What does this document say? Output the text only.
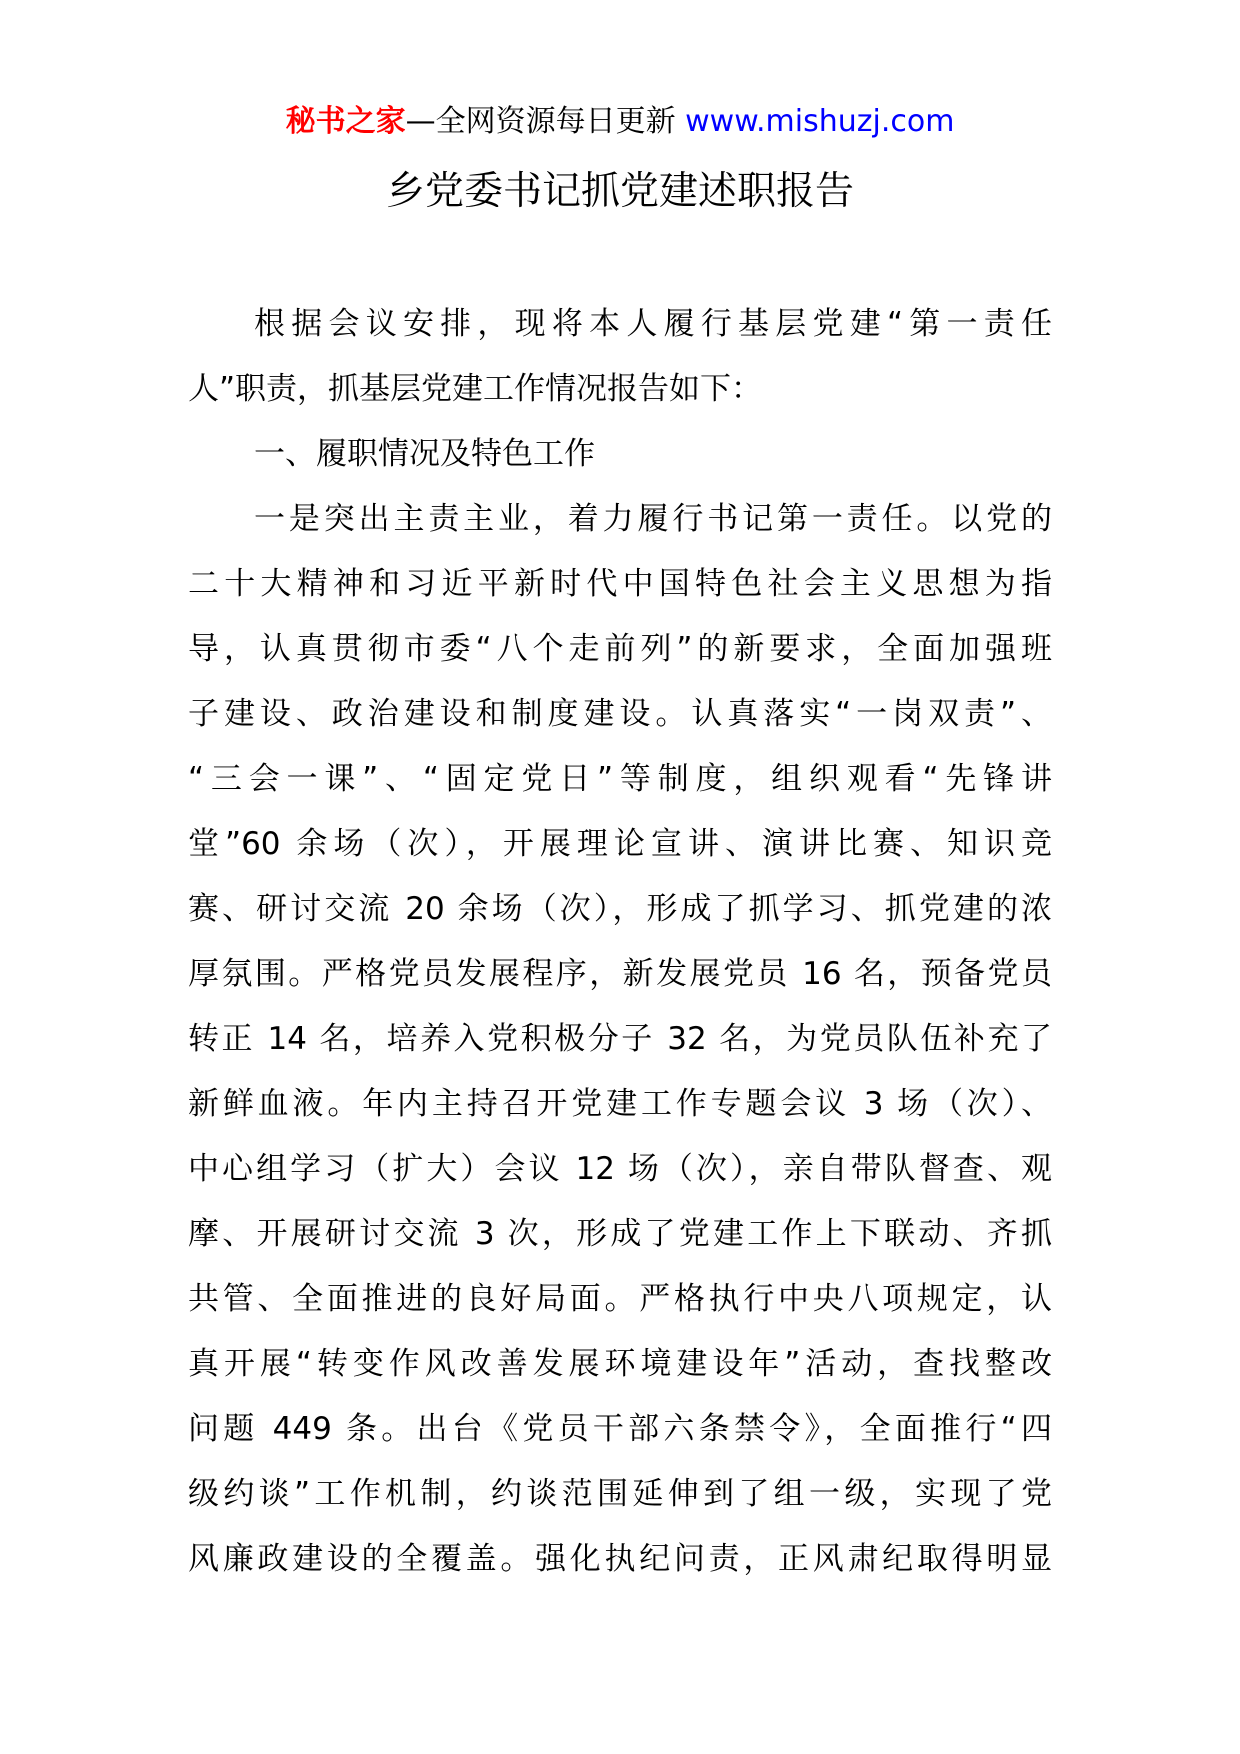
秘书之家—全网资源每日更新 www.mishuzj.com
乡党委书记抓党建述职报告
根据会议安排，现将本人履行基层党建“第一责任
人”职责，抓基层党建工作情况报告如下：
一、履职情况及特色工作
一是突出主责主业，着力履行书记第一责任。以党的
二十大精神和习近平新时代中国特色社会主义思想为指
导，认真贯彻市委“八个走前列”的新要求，全面加强班
子建设、政治建设和制度建设。认真落实“一岗双责”、
“三会一课”、“固定党日”等制度，组织观看“先锋讲
堂”60 余场（次），开展理论宣讲、演讲比赛、知识竞
赛、研讨交流 20 余场（次），形成了抓学习、抓党建的浓
厚氛围。严格党员发展程序，新发展党员 16 名，预备党员
转正 14 名，培养入党积极分子 32 名，为党员队伍补充了
新鲜血液。年内主持召开党建工作专题会议 3 场（次）、
中心组学习（扩大）会议 12 场（次），亲自带队督查、观
摩、开展研讨交流 3 次，形成了党建工作上下联动、齐抓
共管、全面推进的良好局面。严格执行中央八项规定，认
真开展“转变作风改善发展环境建设年”活动，查找整改
问题 449 条。出台《党员干部六条禁令》，全面推行“四
级约谈”工作机制，约谈范围延伸到了组一级，实现了党
风廉政建设的全覆盖。强化执纪问责，正风肃纪取得明显
